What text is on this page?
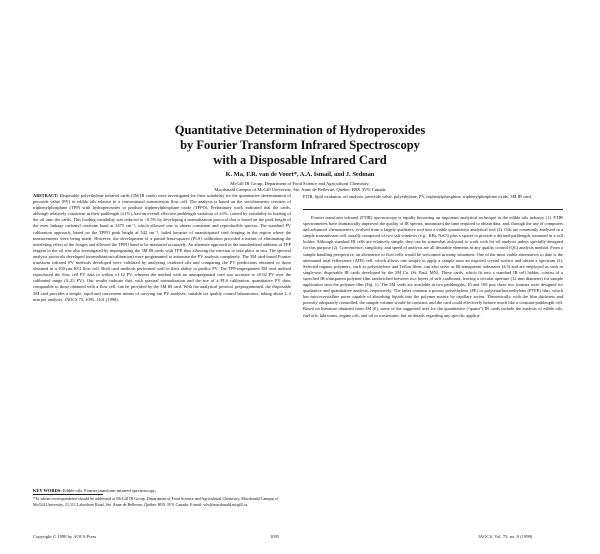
Quantitative Determination of Hydroperoxides
by Fourier Transform Infrared Spectroscopy
with a Disposable Infrared Card
K. Ma, F.R. van de Voort*, A.A. Ismail, and J. Sedman
McGill IR Group, Department of Food Science and Agricultural Chemistry,
Macdonald Campus of McGill University, Ste. Anne de Bellevue, Québec H9X 3V9, Canada

ABSTRACT: Disposable polyethylene infrared cards (3M IR cards) were investigated for their suitability for the quantitative determination of peroxide value (PV) in edible oils relative to a conventional transmission flow cell. The analysis is based on the stoichiometric reaction of triphenylphosphine (TPP) with hydroperoxides to produce triphenylphosphine oxide (TPPO). Preliminary work indicated that the cards, although relatively consistent in their pathlength (±1%), had an overall effective pathlength variation of ±3%, caused by variability in loading of the oil onto the cards. This loading variability was reduced to <0.5% by developing a normalization protocol that is based on the peak height of the ester linkage carbonyl overtone band at 3475 cm⁻¹, which allowed one to obtain consistent and reproducible spectra. The standard PV calibration approach, based on the TPPO peak height at 542 cm⁻¹, failed because of unanticipated card fringing in the region where the measurements were being made. However, the development of a partial-least-squares (PLS) calibration provided a means of eliminating the interfering effect of the fringes and allowed the TPPO band to be measured accurately. An alternate approach to the standardized addition of TPP reagent to the oil was also investigated by impregnating the 3M IR cards with TPP, thus allowing the reaction to take place in situ. The spectral analysis protocols developed (normalization/calibration) were programmed to automate the PV analysis completely. The 3M card-based Fourier transform infrared PV methods developed were validated by analyzing oxidized oils and comparing the PV predictions obtained to those obtained in a 100-µm KCl flow cell. Both card methods performed well in their ability to predict PV. The TPP-impregnated 3M card method reproduced the flow cell PV data to within ±1.12 PV, whereas the method with an unimpregnated card was accurate to ±0.92 PV over the calibrated range (0–25 PV). Our results indicate that, with spectral normalization and the use of a PLS calibration, quantitative PV data, comparable to those obtained with a flow cell, can be provided by the 3M IR card. With the analytical protocol preprogrammed, the disposable 3M card provides a simple, rapid and convenient means of carrying out PV analyses, suitable for quality control laboratories, taking about 2–3 min per analysis. JAOCS 75, 1095–1101 (1998).

KEY WORDS: Edible oils, Fourier transform infrared spectroscopy,
*To whom correspondence should be addressed at McGill IR Group, Department of Food Science and Agricultural Chemistry, Macdonald Campus of McGill University, 21,111 Lakeshore Road, Ste. Anne de Bellevue, Québec H9X 3V9, Canada. E-mail: vdv@macdonald.mcgill.ca
FTIR, lipid oxidation, oil analysis, peroxide value, polyethylene, PV, triphenylphosphine, triphenylphosphine oxide, 3M IR card.

Fourier transform infrared (FTIR) spectroscopy is rapidly becoming an important analytical technique in the edible oils industry (1). FTIR spectrometers have dramatically improved the quality of IR spectra, minimized the time required to obtain data, and, through the use of computers and advanced chemometrics, evolved from a largely qualitative tool into a viable quantitative analytical tool (2). Oils are commonly analyzed in a simple transmission cell, usually composed of two salt windows (e.g., KBr, NaCl) plus a spacer to provide a defined pathlength, mounted in a cell holder. Although standard IR cells are relatively simple, they can be somewhat awkward to work with for oil analysis unless specially designed for this purpose (2). Convenience, simplicity, and speed of analysis are all desirable elements in any quality control (QC) analysis method. From a sample handling perspective, an alternative to flow cells would be welcomed in many situations. One of the most viable alternatives to date is the attenuated total reflectance (ATR) cell, which allows one simply to apply a sample onto an exposed crystal surface and obtain a spectrum (3). Selected organic polymers, such as polyethylene and Teflon films, can also serve as IR-transparent substrates (4,5) and are employed as such in single-use, disposable IR cards developed by the 3M Co. (St. Paul, MN). These cards, which fit into a standard IR cell holder, consist of a stretched IR-transparent polymer film sandwiched between two layers of stiff cardboard, leaving a circular aperture (12 mm diameter) for sample application onto the polymer film (Fig. 1). The 3M cards are available in two pathlengths, 10 and 100 µm; these two formats were designed for qualitative and quantitative analysis, respectively. The latter contains a porous polyethylene (PE) or polytetrafluoroethylene (PTFE) film, which has microcrystalline pores capable of absorbing liquids into the polymer matrix by capillary action. Theoretically, with the film thickness and porosity adequately controlled, the sample volume would be constant, and the card could effectively behave much like a constant-pathlength cell. Based on literature obtained from 3M (6), some of the suggested uses for the quantitative (“quant”) IR cards include the analysis of edible oils, fuel oils, lubricants, engine oils, and oil in wastewater, but no details regarding any specific applica-

Copyright © 1998 by AOCS Press	1095	JAOCS, Vol. 75, no. 9 (1998)
